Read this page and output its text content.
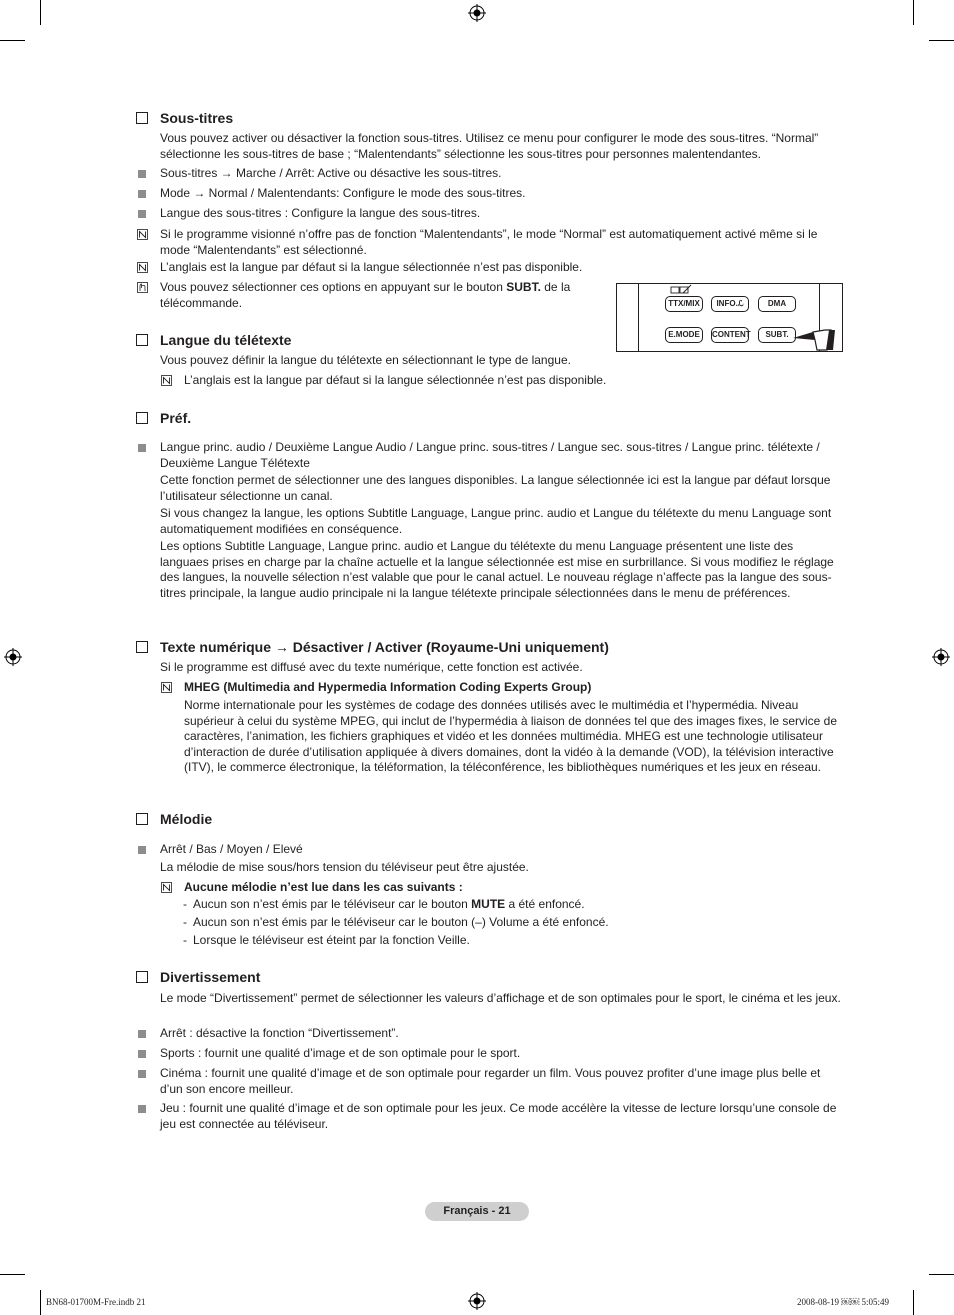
Sous-titres
Vous pouvez activer ou désactiver la fonction sous-titres. Utilisez ce menu pour configurer le mode des sous-titres. “Normal” sélectionne les sous-titres de base ; “Malentendants” sélectionne les sous-titres pour personnes malentendantes.
Sous-titres → Marche / Arrêt: Active ou désactive les sous-titres.
Mode → Normal / Malentendants: Configure le mode des sous-titres.
Langue des sous-titres : Configure la langue des sous-titres.
Si le programme visionné n’offre pas de fonction “Malentendants”, le mode “Normal” est automatiquement activé même si le mode “Malentendants” est sélectionné.
L’anglais est la langue par défaut si la langue sélectionnée n’est pas disponible.
Vous pouvez sélectionner ces options en appuyant sur le bouton SUBT. de la télécommande.	TTX/MIX	INFO.ℒ	DMA
E.MODE	CONTENT	SUBT.
Langue du télétexte
Vous pouvez définir la langue du télétexte en sélectionnant le type de langue.
L’anglais est la langue par défaut si la langue sélectionnée n’est pas disponible.
Préf.
Langue princ. audio / Deuxième Langue Audio / Langue princ. sous-titres / Langue sec. sous-titres / Langue princ. télétexte / Deuxième Langue Télétexte
Cette fonction permet de sélectionner une des langues disponibles. La langue sélectionnée ici est la langue par défaut lorsque l’utilisateur sélectionne un canal.
Si vous changez la langue, les options Subtitle Language, Langue princ. audio et Langue du télétexte du menu Language sont automatiquement modifiées en conséquence.
Les options Subtitle Language, Langue princ. audio et Langue du télétexte du menu Language présentent une liste des languaes prises en charge par la chaîne actuelle et la langue sélectionnée est mise en surbrillance. Si vous modifiez le réglage des langues, la nouvelle sélection n’est valable que pour le canal actuel. Le nouveau réglage n’affecte pas la langue des sous-titres principale, la langue audio principale ni la langue télétexte principale sélectionnées dans le menu de préférences.
Texte numérique → Désactiver / Activer (Royaume-Uni uniquement)
Si le programme est diffusé avec du texte numérique, cette fonction est activée.
MHEG (Multimedia and Hypermedia Information Coding Experts Group)
Norme internationale pour les systèmes de codage des données utilisés avec le multimédia et l’hypermédia. Niveau supérieur à celui du système MPEG, qui inclut de l’hypermédia à liaison de données tel que des images fixes, le service de caractères, l’animation, les fichiers graphiques et vidéo et les données multimédia. MHEG est une technologie utilisateur d’interaction de durée d’utilisation appliquée à divers domaines, dont la vidéo à la demande (VOD), la télévision interactive (ITV), le commerce électronique, la téléformation, la téléconférence, les bibliothèques numériques et les jeux en réseau.
Mélodie
Arrêt / Bas / Moyen / Elevé
La mélodie de mise sous/hors tension du téléviseur peut être ajustée.
Aucune mélodie n’est lue dans les cas suivants :
- Aucun son n’est émis par le téléviseur car le bouton MUTE a été enfoncé.
- Aucun son n’est émis par le téléviseur car le bouton (–) Volume a été enfoncé.
- Lorsque le téléviseur est éteint par la fonction Veille.
Divertissement
Le mode “Divertissement” permet de sélectionner les valeurs d’affichage et de son optimales pour le sport, le cinéma et les jeux.
Arrêt : désactive la fonction “Divertissement”.
Sports : fournit une qualité d’image et de son optimale pour le sport.
Cinéma : fournit une qualité d’image et de son optimale pour regarder un film. Vous pouvez profiter d’une image plus belle et d’un son encore meilleur.
Jeu : fournit une qualité d’image et de son optimale pour les jeux. Ce mode accélère la vitesse de lecture lorsqu’une console de jeu est connectée au téléviseur.
Français - 21
BN68-01700M-Fre.indb 21	2008-08-19 ￼￼ 5:05:49
